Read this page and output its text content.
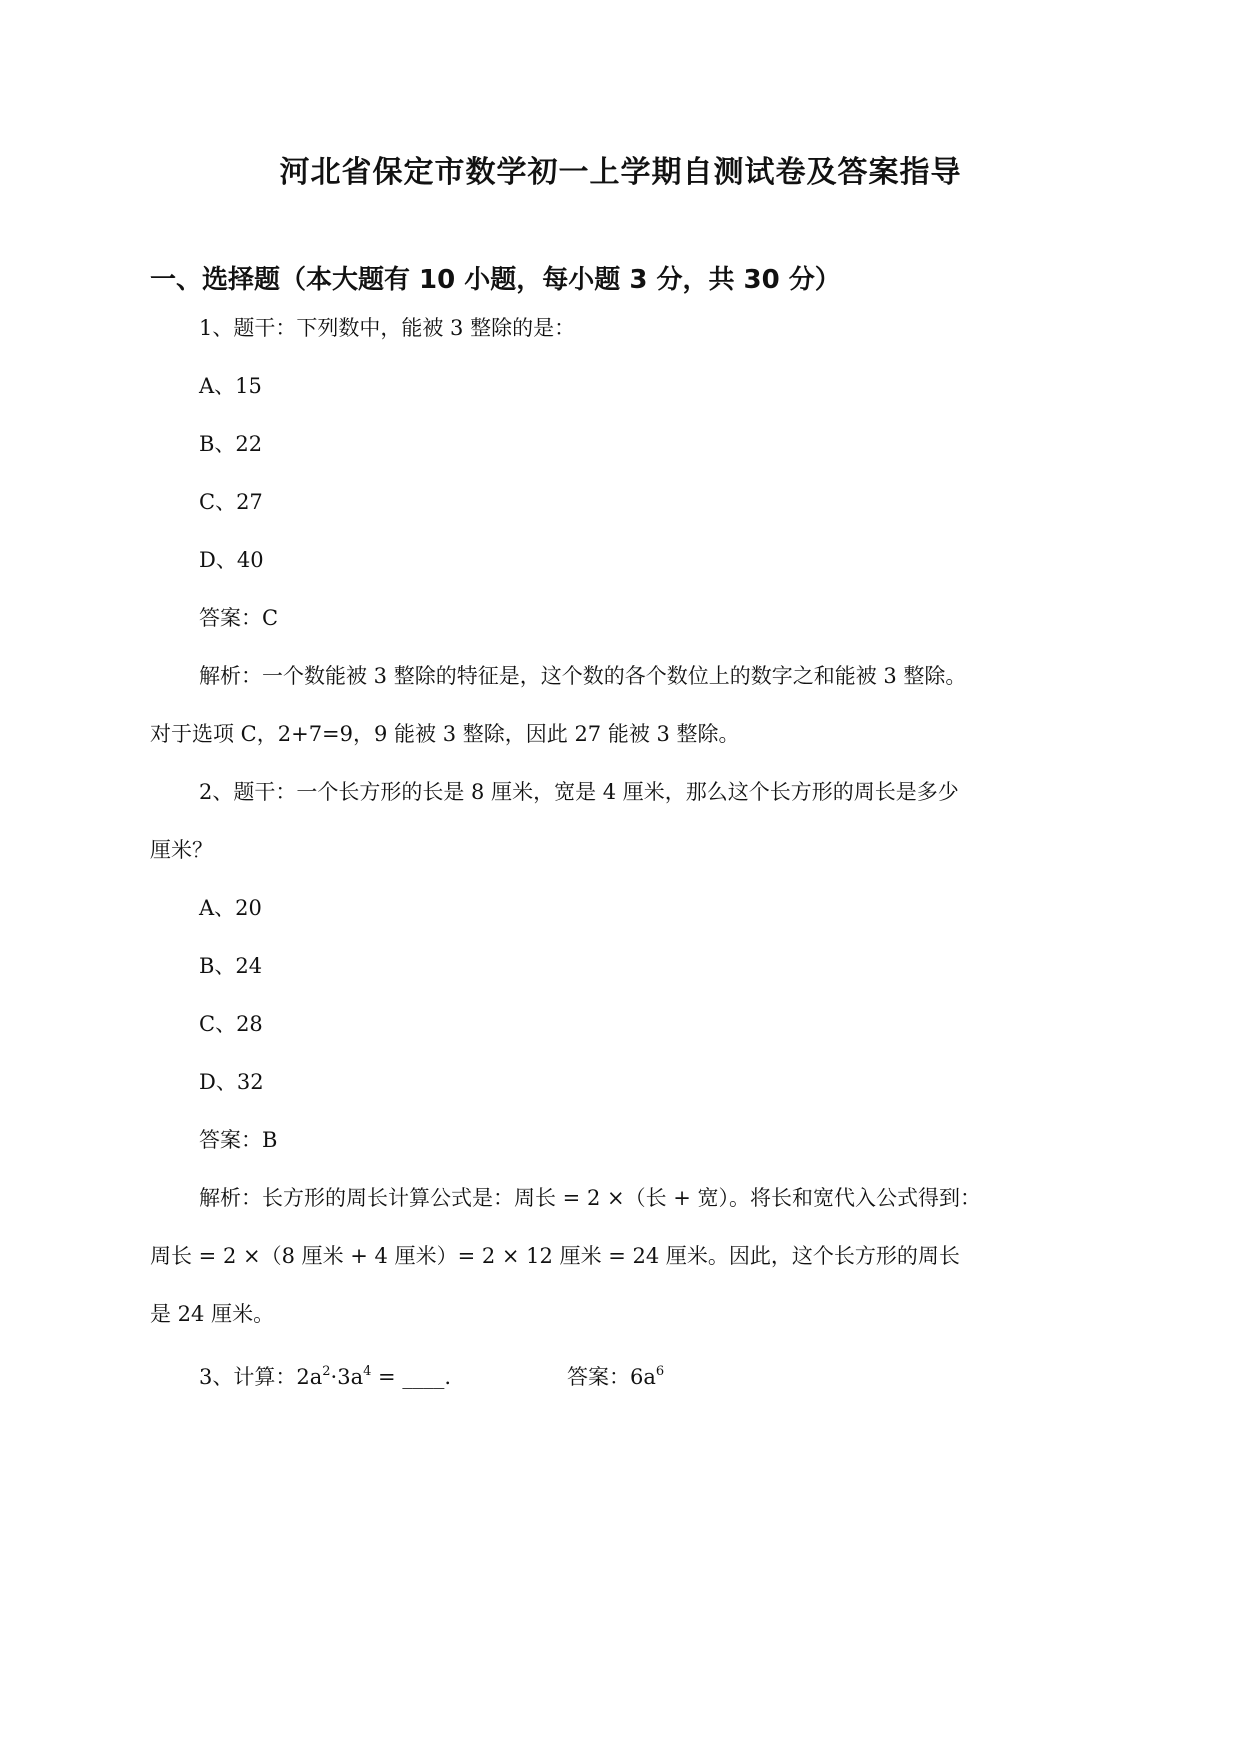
河北省保定市数学初一上学期自测试卷及答案指导
一、选择题（本大题有 10 小题，每小题 3 分，共 30 分）
1、题干：下列数中，能被 3 整除的是：
A、15
B、22
C、27
D、40
答案：C
解析：一个数能被 3 整除的特征是，这个数的各个数位上的数字之和能被 3 整除。
对于选项 C，2+7=9，9 能被 3 整除，因此 27 能被 3 整除。
2、题干：一个长方形的长是 8 厘米，宽是 4 厘米，那么这个长方形的周长是多少
厘米？
A、20
B、24
C、28
D、32
答案：B
解析：长方形的周长计算公式是：周长 = 2 ×（长 + 宽）。将长和宽代入公式得到：
周长 = 2 ×（8 厘米 + 4 厘米）= 2 × 12 厘米 = 24 厘米。因此，这个长方形的周长
是 24 厘米。
3、计算：$2a^2\cdot 3a^4$ = ____.	答案：$6a^6$
